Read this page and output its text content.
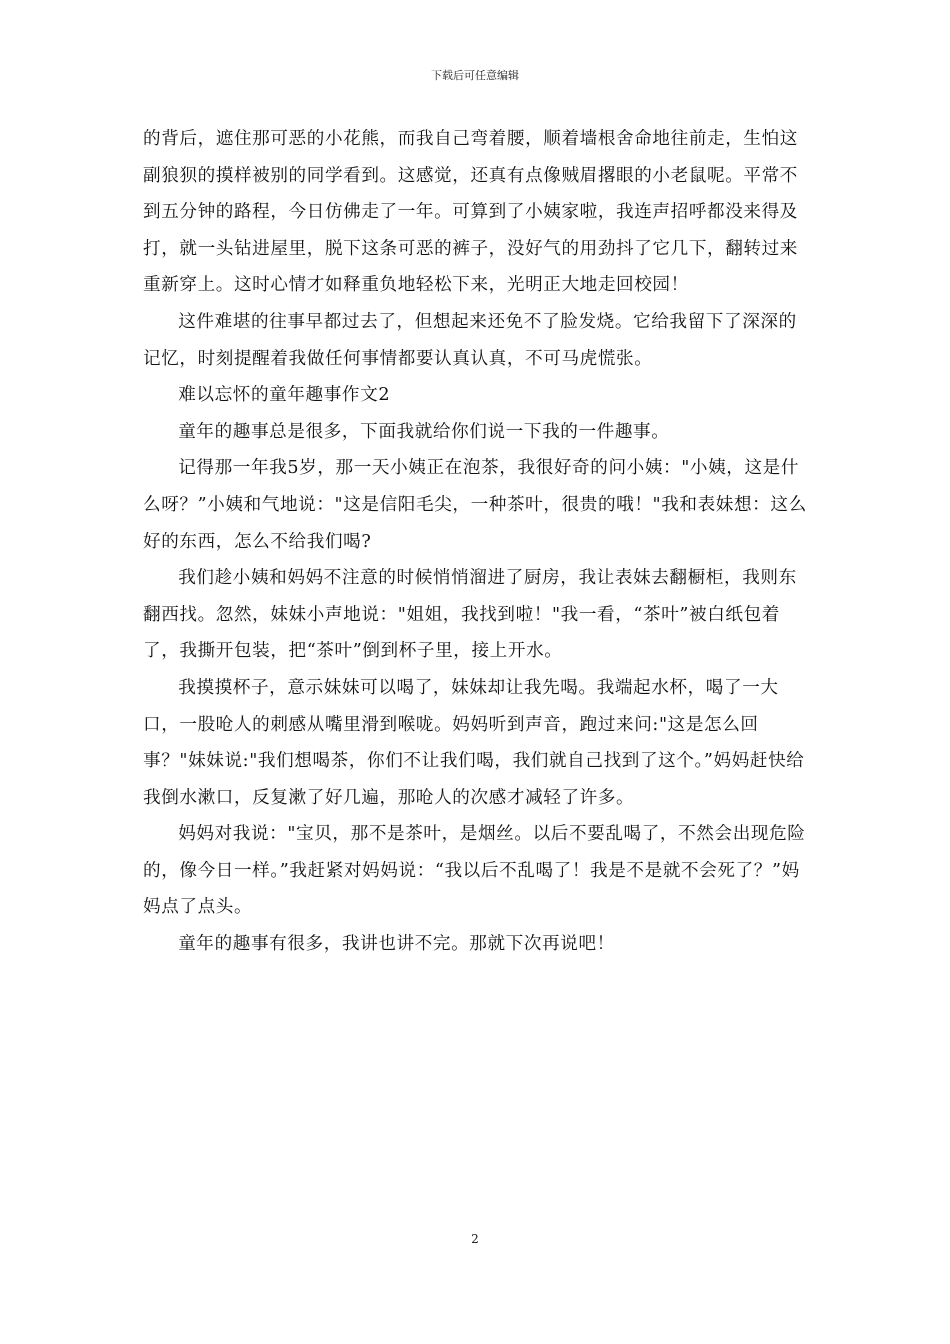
下载后可任意编辑

的背后，遮住那可恶的小花熊，而我自己弯着腰，顺着墙根舍命地往前走，生怕这副狼狈的摸样被别的同学看到。这感觉，还真有点像贼眉撂眼的小老鼠呢。平常不到五分钟的路程，今日仿佛走了一年。可算到了小姨家啦，我连声招呼都没来得及打，就一头钻进屋里，脱下这条可恶的裤子，没好气的用劲抖了它几下，翻转过来重新穿上。这时心情才如释重负地轻松下来，光明正大地走回校园！

这件难堪的往事早都过去了，但想起来还免不了脸发烧。它给我留下了深深的记忆，时刻提醒着我做任何事情都要认真认真，不可马虎慌张。

难以忘怀的童年趣事作文2

童年的趣事总是很多，下面我就给你们说一下我的一件趣事。

记得那一年我5岁，那一天小姨正在泡茶，我很好奇的问小姨："小姨，这是什么呀？”小姨和气地说："这是信阳毛尖，一种茶叶，很贵的哦！"我和表妹想：这么好的东西，怎么不给我们喝?

我们趁小姨和妈妈不注意的时候悄悄溜进了厨房，我让表妹去翻橱柜，我则东翻西找。忽然，妹妹小声地说："姐姐，我找到啦！"我一看，“茶叶”被白纸包着了，我撕开包装，把“茶叶”倒到杯子里，接上开水。

我摸摸杯子，意示妹妹可以喝了，妹妹却让我先喝。我端起水杯，喝了一大口，一股呛人的刺感从嘴里滑到喉咙。妈妈听到声音，跑过来问:"这是怎么回事？"妹妹说:"我们想喝茶，你们不让我们喝，我们就自己找到了这个。”妈妈赶快给我倒水漱口，反复漱了好几遍，那呛人的次感才减轻了许多。

妈妈对我说："宝贝，那不是茶叶，是烟丝。以后不要乱喝了，不然会出现危险的，像今日一样。”我赶紧对妈妈说：“我以后不乱喝了！我是不是就不会死了？”妈妈点了点头。

童年的趣事有很多，我讲也讲不完。那就下次再说吧！

2
